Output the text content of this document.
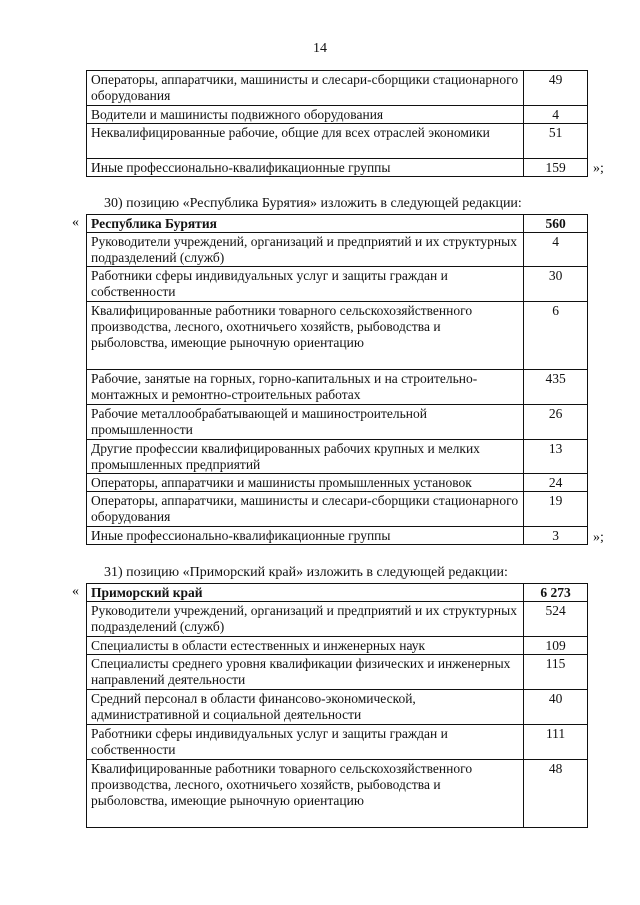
14
Операторы, аппаратчики, машинисты и слесари-сборщики стационарного оборудования	49
Водители и машинисты подвижного оборудования	4
Неквалифицированные рабочие, общие для всех отраслей экономики	51
Иные профессионально-квалификационные группы	159 »;
30) позицию «Республика Бурятия» изложить в следующей редакции:
« Республика Бурятия	560
Руководители учреждений, организаций и предприятий и их структурных подразделений (служб)	4
Работники сферы индивидуальных услуг и защиты граждан и собственности	30
Квалифицированные работники товарного сельскохозяйственного производства, лесного, охотничьего хозяйств, рыбоводства и рыболовства, имеющие рыночную ориентацию	6
Рабочие, занятые на горных, горно-капитальных и на строительно-монтажных и ремонтно-строительных работах	435
Рабочие металлообрабатывающей и машиностроительной промышленности	26
Другие профессии квалифицированных рабочих крупных и мелких промышленных предприятий	13
Операторы, аппаратчики и машинисты промышленных установок	24
Операторы, аппаратчики, машинисты и слесари-сборщики стационарного оборудования	19
Иные профессионально-квалификационные группы	3 »;
31) позицию «Приморский край» изложить в следующей редакции:
« Приморский край	6 273
Руководители учреждений, организаций и предприятий и их структурных подразделений (служб)	524
Специалисты в области естественных и инженерных наук	109
Специалисты среднего уровня квалификации физических и инженерных направлений деятельности	115
Средний персонал в области финансово-экономической, административной и социальной деятельности	40
Работники сферы индивидуальных услуг и защиты граждан и собственности	111
Квалифицированные работники товарного сельскохозяйственного производства, лесного, охотничьего хозяйств, рыбоводства и рыболовства, имеющие рыночную ориентацию	48
